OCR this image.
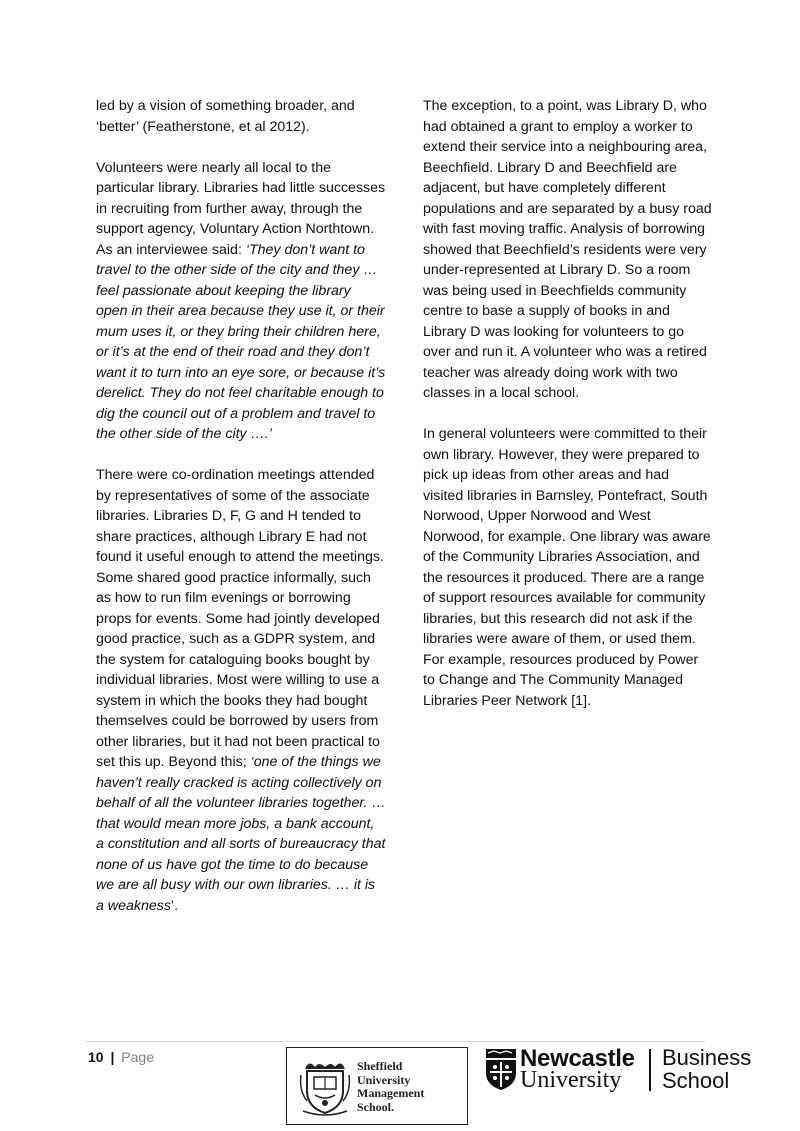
led by a vision of something broader, and ‘better’ (Featherstone, et al 2012).

Volunteers were nearly all local to the particular library. Libraries had little successes in recruiting from further away, through the support agency, Voluntary Action Northtown. As an interviewee said: ‘They don’t want to travel to the other side of the city and they … feel passionate about keeping the library open in their area because they use it, or their mum uses it, or they bring their children here, or it’s at the end of their road and they don’t want it to turn into an eye sore, or because it’s derelict. They do not feel charitable enough to dig the council out of a problem and travel to the other side of the city ….’

There were co-ordination meetings attended by representatives of some of the associate libraries. Libraries D, F, G and H tended to share practices, although Library E had not found it useful enough to attend the meetings. Some shared good practice informally, such as how to run film evenings or borrowing props for events. Some had jointly developed good practice, such as a GDPR system, and the system for cataloguing books bought by individual libraries. Most were willing to use a system in which the books they had bought themselves could be borrowed by users from other libraries, but it had not been practical to set this up. Beyond this; ‘one of the things we haven’t really cracked is acting collectively on behalf of all the volunteer libraries together. … that would mean more jobs, a bank account, a constitution and all sorts of bureaucracy that none of us have got the time to do because we are all busy with our own libraries. … it is a weakness’.

The exception, to a point, was Library D, who had obtained a grant to employ a worker to extend their service into a neighbouring area, Beechfield. Library D and Beechfield are adjacent, but have completely different populations and are separated by a busy road with fast moving traffic. Analysis of borrowing showed that Beechfield’s residents were very under-represented at Library D. So a room was being used in Beechfields community centre to base a supply of books in and Library D was looking for volunteers to go over and run it. A volunteer who was a retired teacher was already doing work with two classes in a local school.

In general volunteers were committed to their own library. However, they were prepared to pick up ideas from other areas and had visited libraries in Barnsley, Pontefract, South Norwood, Upper Norwood and West Norwood, for example. One library was aware of the Community Libraries Association, and the resources it produced. There are a range of support resources available for community libraries, but this research did not ask if the libraries were aware of them, or used them. For example, resources produced by Power to Change and The Community Managed Libraries Peer Network [1].

10 | Page
Sheffield
University
Management
School.
Newcastle
University
Business
School
